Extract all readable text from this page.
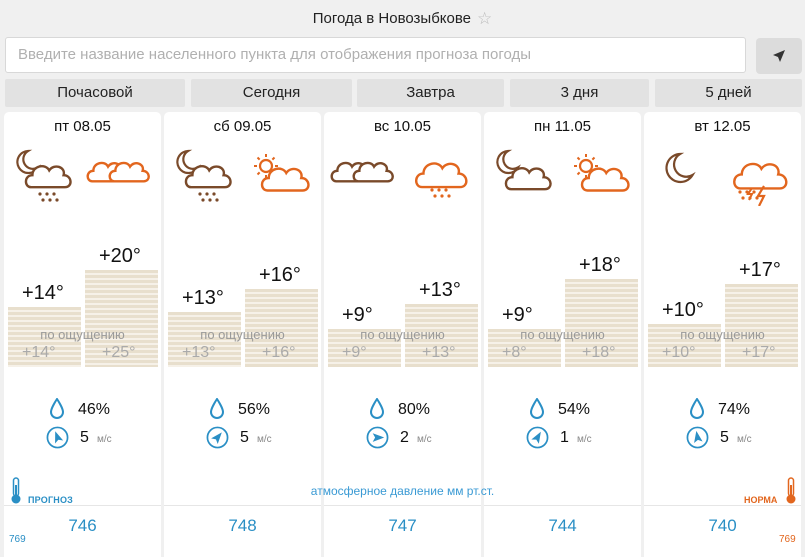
Погода в Новозыбкове ☆
Введите название населенного пункта для отображения прогноза погоды
Почасовой	Сегодня	Завтра	3 дня	5 дней
пт 08.05
+14°
+20°
по ощущению
+14°	+25°
46%
5 м/с
746
сб 09.05
+13°
+16°
по ощущению
+13°	+16°
56%
5 м/с
748
вс 10.05
+9°
+13°
по ощущению
+9°	+13°
80%
2 м/с
747
пн 11.05
+9°
+18°
по ощущению
+8°	+18°
54%
1 м/с
744
вт 12.05
+10°
+17°
по ощущению
+10°	+17°
74%
5 м/с
740
атмосферное давление мм рт.ст.
ПРОГНОЗ	НОРМА
769	769
